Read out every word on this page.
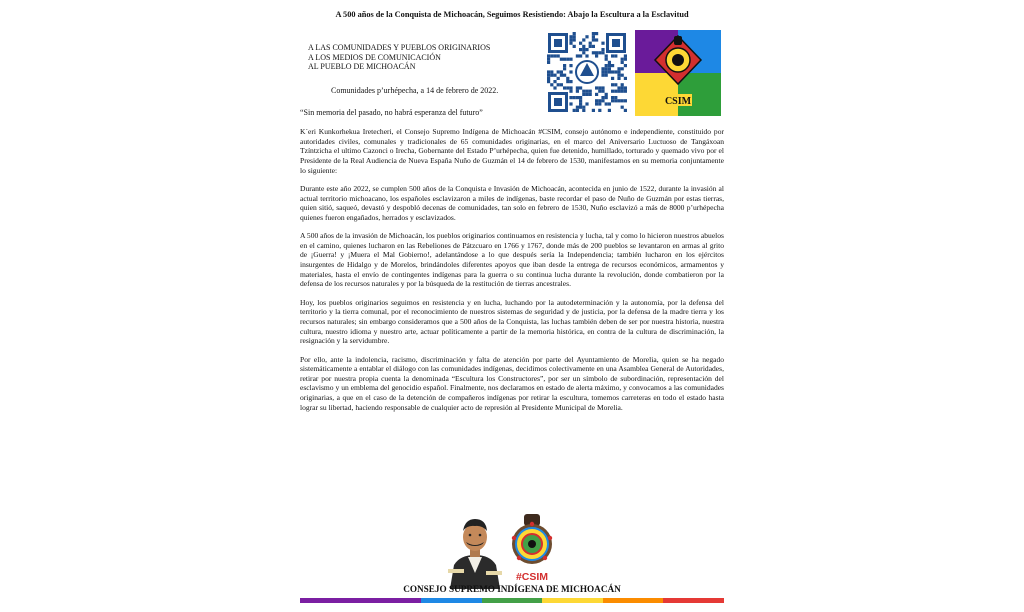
A 500 años de la Conquista de Michoacán, Seguimos Resistiendo: Abajo la Escultura a la Esclavitud
A LAS COMUNIDADES Y PUEBLOS ORIGINARIOS
A LOS MEDIOS DE COMUNICACIÓN
AL PUEBLO DE MICHOACÁN
Comunidades p’urhépecha, a 14 de febrero de 2022.
“Sin memoria del pasado, no habrá esperanza del futuro”
CSIM

K´eri Kunkorhekua Iretecheri, el Consejo Supremo Indígena de Michoacán #CSIM, consejo autónomo e independiente, constituido por autoridades civiles, comunales y tradicionales de 65 comunidades originarias, en el marco del Aniversario Luctuoso de Tangáxoan Tzíntzicha el ultimo Cazonci o Irecha, Gobernante del Estado P’urhépecha, quien fue detenido, humillado, torturado y quemado vivo por el Presidente de la Real Audiencia de Nueva España Nuño de Guzmán el 14 de febrero de 1530, manifestamos en su memoria conjuntamente lo siguiente:

Durante este año 2022, se cumplen 500 años de la Conquista e Invasión de Michoacán, acontecida en junio de 1522, durante la invasión al actual territorio michoacano, los españoles esclavizaron a miles de indígenas, baste recordar el paso de Nuño de Guzmán por estas tierras, quien sitió, saqueó, devastó y despobló decenas de comunidades, tan solo en febrero de 1530, Nuño esclavizó a más de 8000 p’urhépecha quienes fueron engañados, herrados y esclavizados.

A 500 años de la invasión de Michoacán, los pueblos originarios continuamos en resistencia y lucha, tal y como lo hicieron nuestros abuelos en el camino, quienes lucharon en las Rebeliones de Pátzcuaro en 1766 y 1767, donde más de 200 pueblos se levantaron en armas al grito de ¡Guerra! y ¡Muera el Mal Gobierno!, adelantándose a lo que después sería la Independencia; también lucharon en los ejércitos insurgentes de Hidalgo y de Morelos, brindándoles diferentes apoyos que iban desde la entrega de recursos económicos, armamentos y materiales, hasta el envío de contingentes indígenas para la guerra o su continua lucha durante la revolución, donde combatieron por la defensa de los recursos naturales y por la búsqueda de la restitución de tierras ancestrales.

Hoy, los pueblos originarios seguimos en resistencia y en lucha, luchando por la autodeterminación y la autonomía, por la defensa del territorio y la tierra comunal, por el reconocimiento de nuestros sistemas de seguridad y de justicia, por la defensa de la madre tierra y los recursos naturales; sin embargo consideramos que a 500 años de la Conquista, las luchas también deben de ser por nuestra historia, nuestra cultura, nuestro idioma y nuestro arte, actuar políticamente a partir de la memoria histórica, en contra de la cultura de discriminación, la resignación y la servidumbre.

Por ello, ante la indolencia, racismo, discriminación y falta de atención por parte del Ayuntamiento de Morelia, quien se ha negado sistemáticamente a entablar el diálogo con las comunidades indígenas, decidimos colectivamente en una Asamblea General de Autoridades, retirar por nuestra propia cuenta la denominada “Escultura los Constructores”, por ser un símbolo de subordinación, representación del esclavismo y un emblema del genocidio español. Finalmente, nos declaramos en estado de alerta máximo, y convocamos a las comunidades originarias, a que en el caso de la detención de compañeros indígenas por retirar la escultura, tomemos carreteras en todo el estado hasta lograr su libertad, haciendo responsable de cualquier acto de represión al Presidente Municipal de Morelia.

#CSIM
CONSEJO SUPREMO INDÍGENA DE MICHOACÁN
